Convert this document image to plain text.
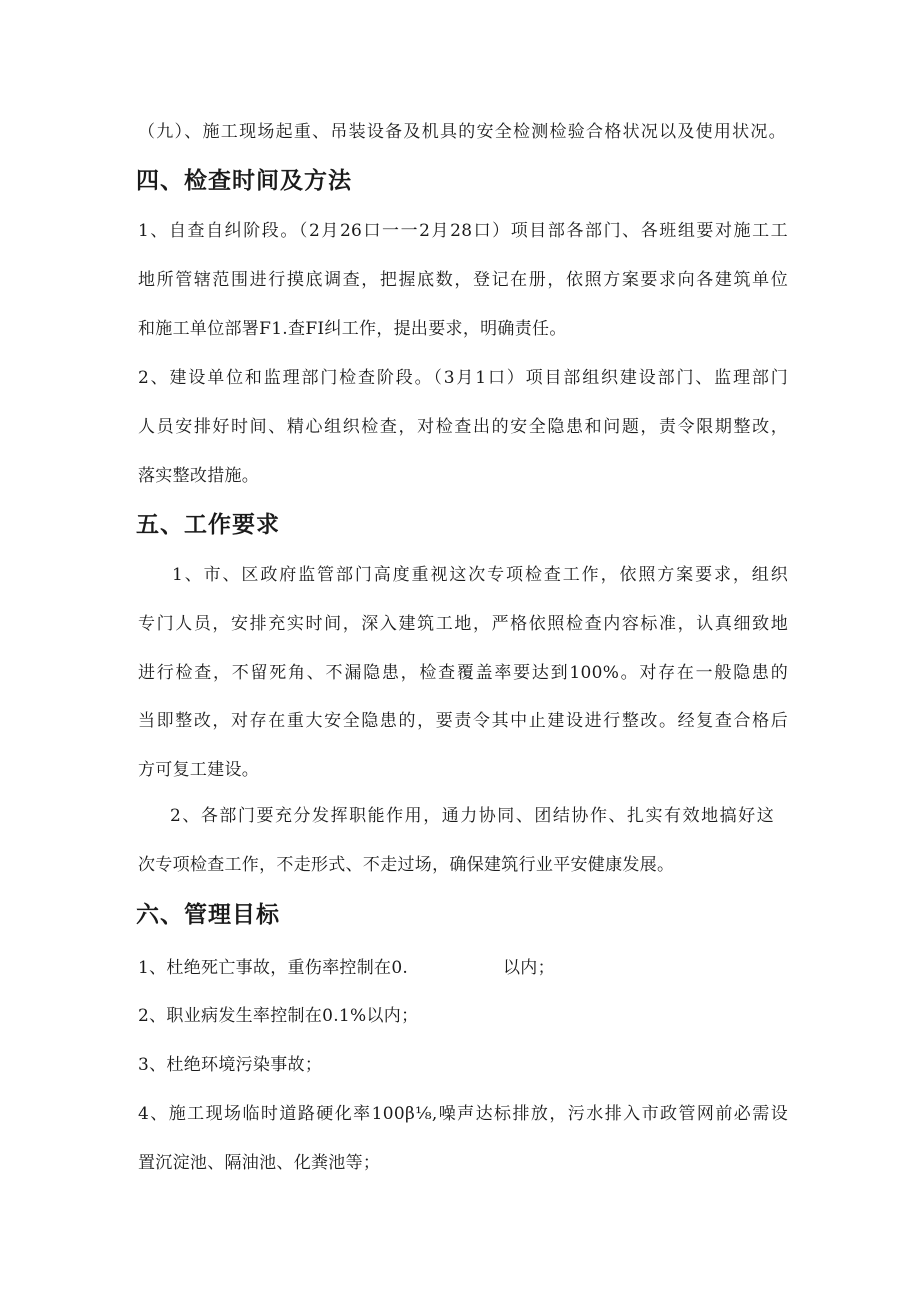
（九）、施工现场起重、吊装设备及机具的安全检测检验合格状况以及使用状况。
四、检查时间及方法
1、自查自纠阶段。（2月26口一一2月28口）项目部各部门、各班组要对施工工
地所管辖范围进行摸底调查，把握底数，登记在册，依照方案要求向各建筑单位
和施工单位部署F1.查FI纠工作，提出要求，明确责任。
2、建设单位和监理部门检查阶段。（3月1口）项目部组织建设部门、监理部门
人员安排好时间、精心组织检查，对检查出的安全隐患和问题，责令限期整改，
落实整改措施。
五、工作要求
1、市、区政府监管部门高度重视这次专项检查工作，依照方案要求，组织
专门人员，安排充实时间，深入建筑工地，严格依照检查内容标准，认真细致地
进行检查，不留死角、不漏隐患，检查覆盖率要达到100%。对存在一般隐患的
当即整改，对存在重大安全隐患的，要责令其中止建设进行整改。经复查合格后
方可复工建设。
2、各部门要充分发挥职能作用，通力协同、团结协作、扎实有效地搞好这
次专项检查工作，不走形式、不走过场，确保建筑行业平安健康发展。
六、管理目标
1、杜绝死亡事故，重伤率控制在0.	以内；
2、职业病发生率控制在0.1%以内；
3、杜绝环境污染事故；
4、施工现场临时道路硬化率100β⅛,噪声达标排放，污水排入市政管网前必需设
置沉淀池、隔油池、化粪池等；
